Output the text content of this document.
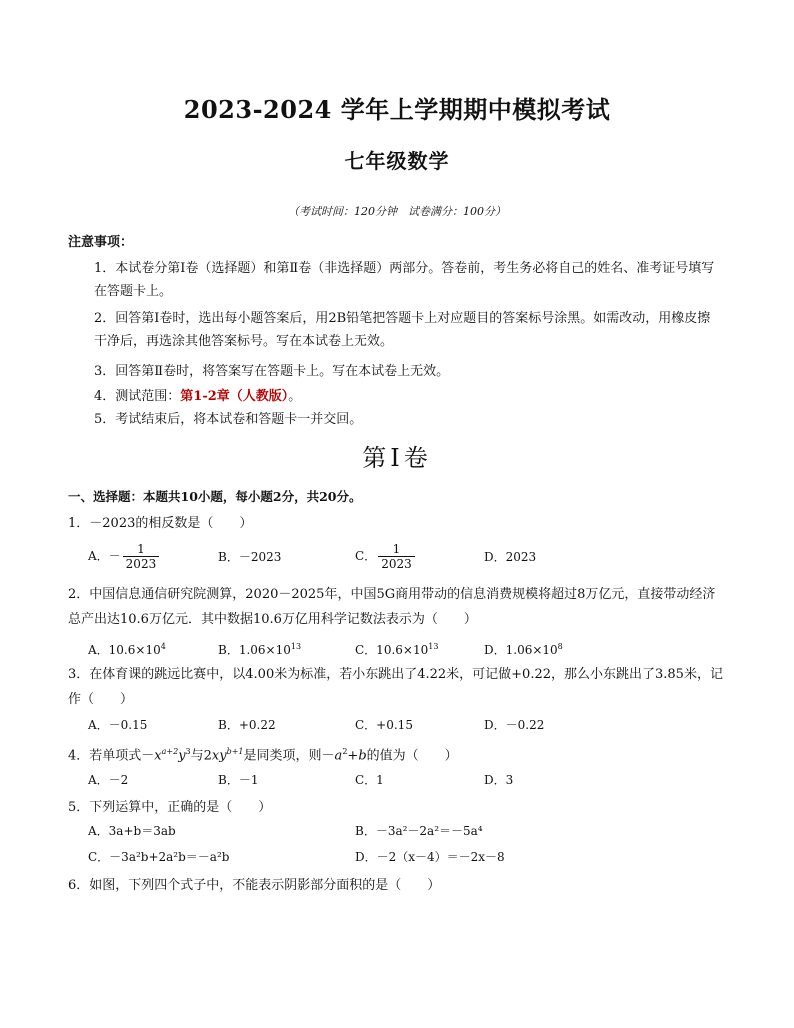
2023-2024 学年上学期期中模拟考试
七年级数学
（考试时间：120分钟　试卷满分：100分）
注意事项：
1．本试卷分第Ⅰ卷（选择题）和第Ⅱ卷（非选择题）两部分。答卷前，考生务必将自己的姓名、准考证号填写在答题卡上。
2．回答第Ⅰ卷时，选出每小题答案后，用2B铅笔把答题卡上对应题目的答案标号涂黑。如需改动，用橡皮擦干净后，再选涂其他答案标号。写在本试卷上无效。
3．回答第Ⅱ卷时，将答案写在答题卡上。写在本试卷上无效。
4．测试范围：第1-2章（人教版）。
5．考试结束后，将本试卷和答题卡一并交回。
第Ⅰ卷
一、选择题：本题共10小题，每小题2分，共20分。
1．－2023的相反数是（　　）
A．－ $\frac{1}{2023}$	B．－2023	C． $\frac{1}{2023}$	D．2023
2．中国信息通信研究院测算，2020－2025年，中国5G商用带动的信息消费规模将超过8万亿元，直接带动经济总产出达10.6万亿元．其中数据10.6万亿用科学记数法表示为（　　）
A．$10.6\times 10^4$	B．$1.06\times 10^{13}$	C．$10.6\times 10^{13}$	D．$1.06\times 10^8$
3．在体育课的跳远比赛中，以4.00米为标准，若小东跳出了4.22米，可记做+0.22，那么小东跳出了3.85米，记作（　　）
A．－0.15	B．+0.22	C．+0.15	D．－0.22
4．若单项式$-x^{a+2}y^3$与$2xy^{b+1}$是同类项，则$-a^2+b$的值为（　　）
A．－2	B．－1	C．1	D．3
5．下列运算中，正确的是（　　）
A．3a+b＝3ab	B．－3a²－2a²＝－5a⁴
C．－3a²b+2a²b＝－a²b	D．－2（x－4）＝－2x－8
6．如图，下列四个式子中，不能表示阴影部分面积的是（　　）
